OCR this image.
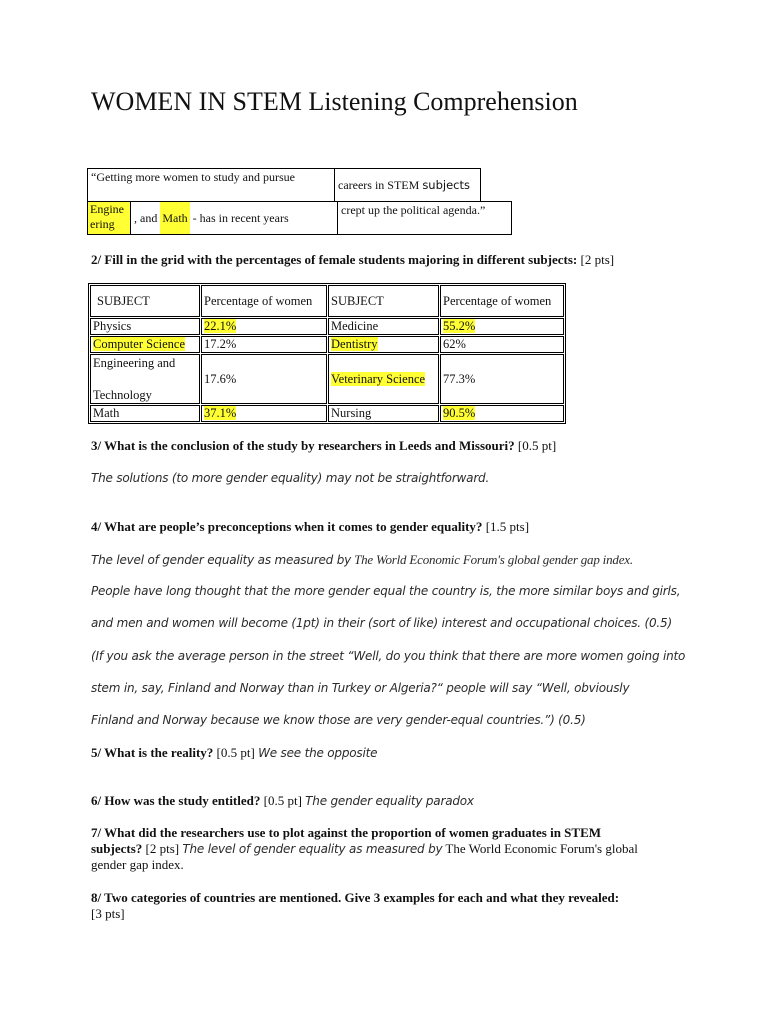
WOMEN IN STEM Listening Comprehension
“Getting more women to study and pursue
careers in STEM subjects
Engineering	, and Math - has in recent years
crept up the political agenda.”
2/ Fill in the grid with the percentages of female students majoring in different subjects: [2 pts]
SUBJECT	Percentage of women	SUBJECT	Percentage of women
Physics	22.1%	Medicine	55.2%
Computer Science	17.2%	Dentistry	62%

Engineering and
Technology	17.6%	Veterinary Science	77.3%
Math	37.1%	Nursing	90.5%
3/ What is the conclusion of the study by researchers in Leeds and Missouri? [0.5 pt]
The solutions (to more gender equality) may not be straightforward.
4/ What are people’s preconceptions when it comes to gender equality? [1.5 pts]
The level of gender equality as measured by The World Economic Forum's global gender gap index.
People have long thought that the more gender equal the country is, the more similar boys and girls,
and men and women will become (1pt) in their (sort of like) interest and occupational choices. (0.5)
(If you ask the average person in the street “Well, do you think that there are more women going into
stem in, say, Finland and Norway than in Turkey or Algeria?“ people will say “Well, obviously
Finland and Norway because we know those are very gender-equal countries.”) (0.5)
5/ What is the reality? [0.5 pt] We see the opposite
6/ How was the study entitled? [0.5 pt] The gender equality paradox
7/ What did the researchers use to plot against the proportion of women graduates in STEM
subjects? [2 pts] The level of gender equality as measured by The World Economic Forum's global
gender gap index.
8/ Two categories of countries are mentioned. Give 3 examples for each and what they revealed:
[3 pts]
